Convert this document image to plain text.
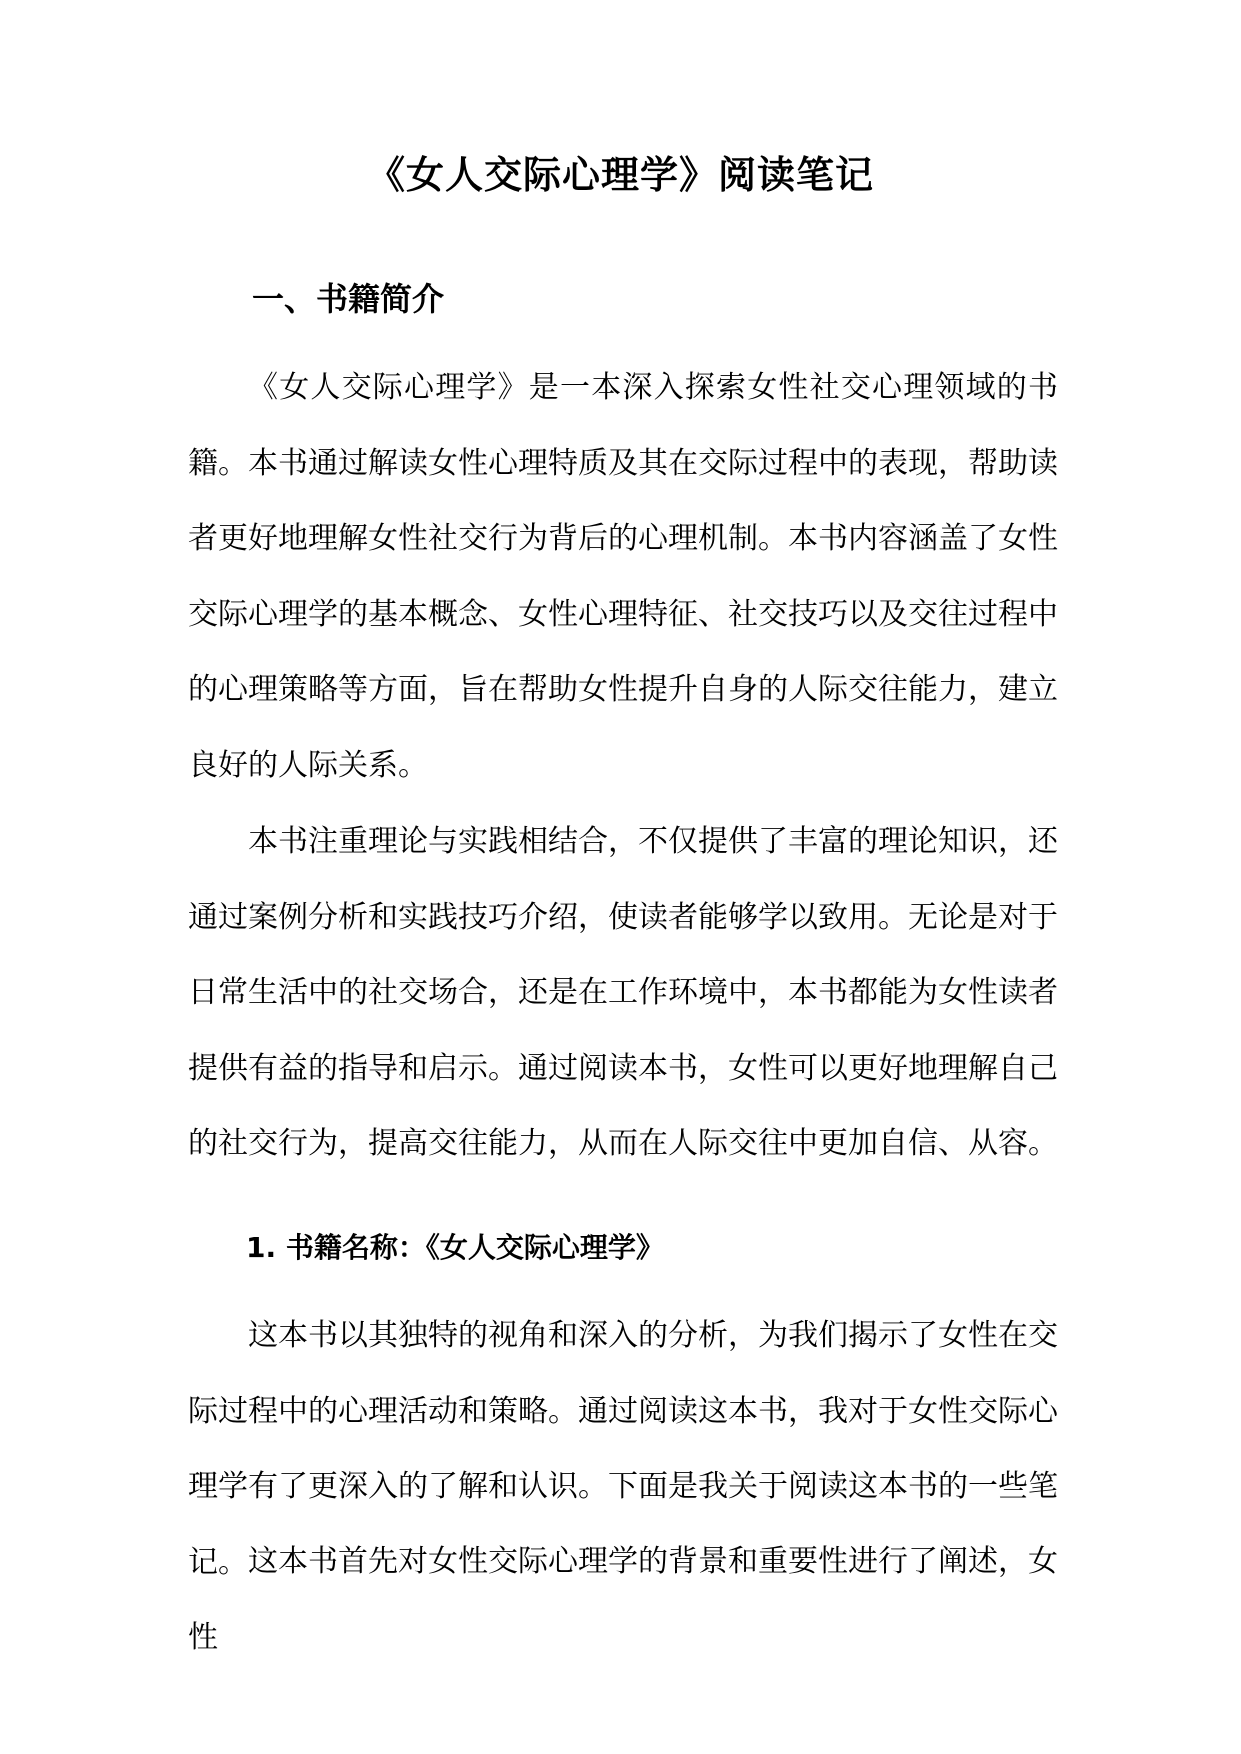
《女人交际心理学》阅读笔记
一、书籍简介

《女人交际心理学》是一本深入探索女性社交心理领域的书籍。本书通过解读女性心理特质及其在交际过程中的表现，帮助读者更好地理解女性社交行为背后的心理机制。本书内容涵盖了女性交际心理学的基本概念、女性心理特征、社交技巧以及交往过程中的心理策略等方面，旨在帮助女性提升自身的人际交往能力，建立良好的人际关系。

本书注重理论与实践相结合，不仅提供了丰富的理论知识，还通过案例分析和实践技巧介绍，使读者能够学以致用。无论是对于日常生活中的社交场合，还是在工作环境中，本书都能为女性读者提供有益的指导和启示。通过阅读本书，女性可以更好地理解自己的社交行为，提高交往能力，从而在人际交往中更加自信、从容。

1. 书籍名称：《女人交际心理学》

这本书以其独特的视角和深入的分析，为我们揭示了女性在交际过程中的心理活动和策略。通过阅读这本书，我对于女性交际心理学有了更深入的了解和认识。下面是我关于阅读这本书的一些笔记。 这本书首先对女性交际心理学的背景和重要性进行了阐述，女性
